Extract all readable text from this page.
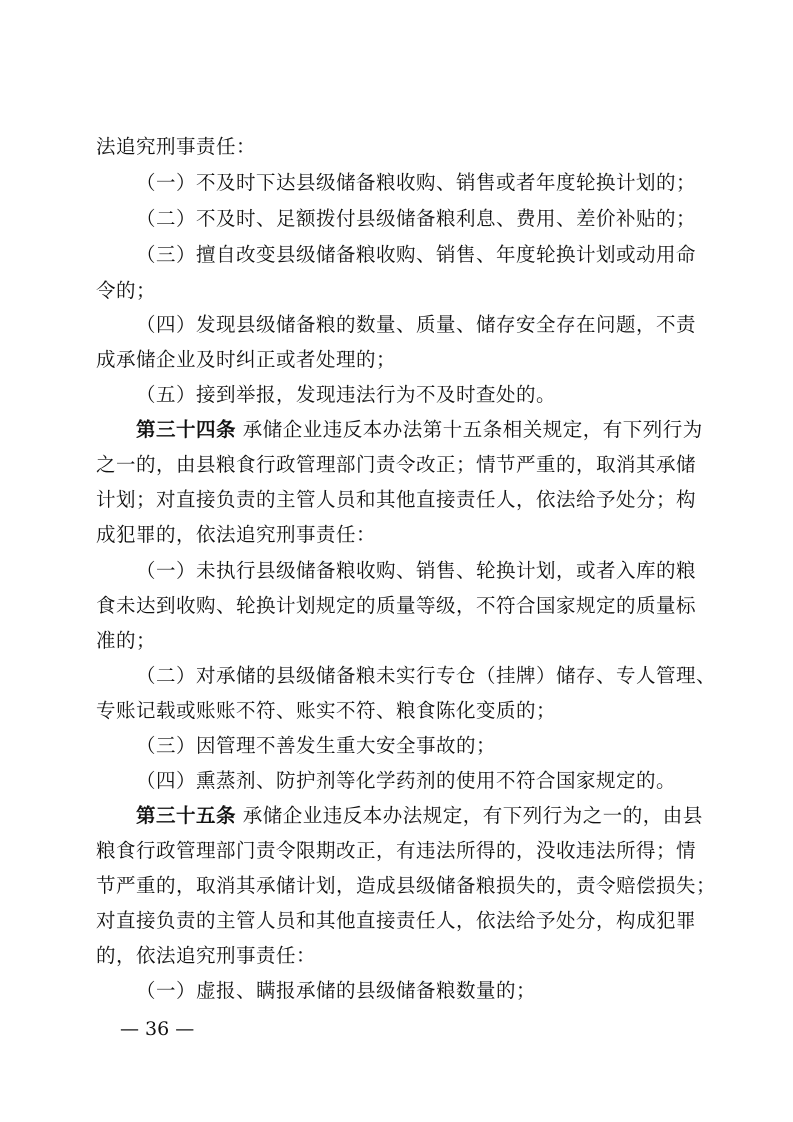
法追究刑事责任：
（一）不及时下达县级储备粮收购、销售或者年度轮换计划的；
（二）不及时、足额拨付县级储备粮利息、费用、差价补贴的；
（三）擅自改变县级储备粮收购、销售、年度轮换计划或动用命
令的；
（四）发现县级储备粮的数量、质量、储存安全存在问题，不责
成承储企业及时纠正或者处理的；
（五）接到举报，发现违法行为不及时查处的。
第三十四条 承储企业违反本办法第十五条相关规定，有下列行为
之一的，由县粮食行政管理部门责令改正；情节严重的，取消其承储
计划；对直接负责的主管人员和其他直接责任人，依法给予处分；构
成犯罪的，依法追究刑事责任：
（一）未执行县级储备粮收购、销售、轮换计划，或者入库的粮
食未达到收购、轮换计划规定的质量等级，不符合国家规定的质量标
准的；
（二）对承储的县级储备粮未实行专仓（挂牌）储存、专人管理、
专账记载或账账不符、账实不符、粮食陈化变质的；
（三）因管理不善发生重大安全事故的；
（四）熏蒸剂、防护剂等化学药剂的使用不符合国家规定的。
第三十五条 承储企业违反本办法规定，有下列行为之一的，由县
粮食行政管理部门责令限期改正，有违法所得的，没收违法所得；情
节严重的，取消其承储计划，造成县级储备粮损失的，责令赔偿损失；
对直接负责的主管人员和其他直接责任人，依法给予处分，构成犯罪
的，依法追究刑事责任：
（一）虚报、瞒报承储的县级储备粮数量的；
— 36 —
